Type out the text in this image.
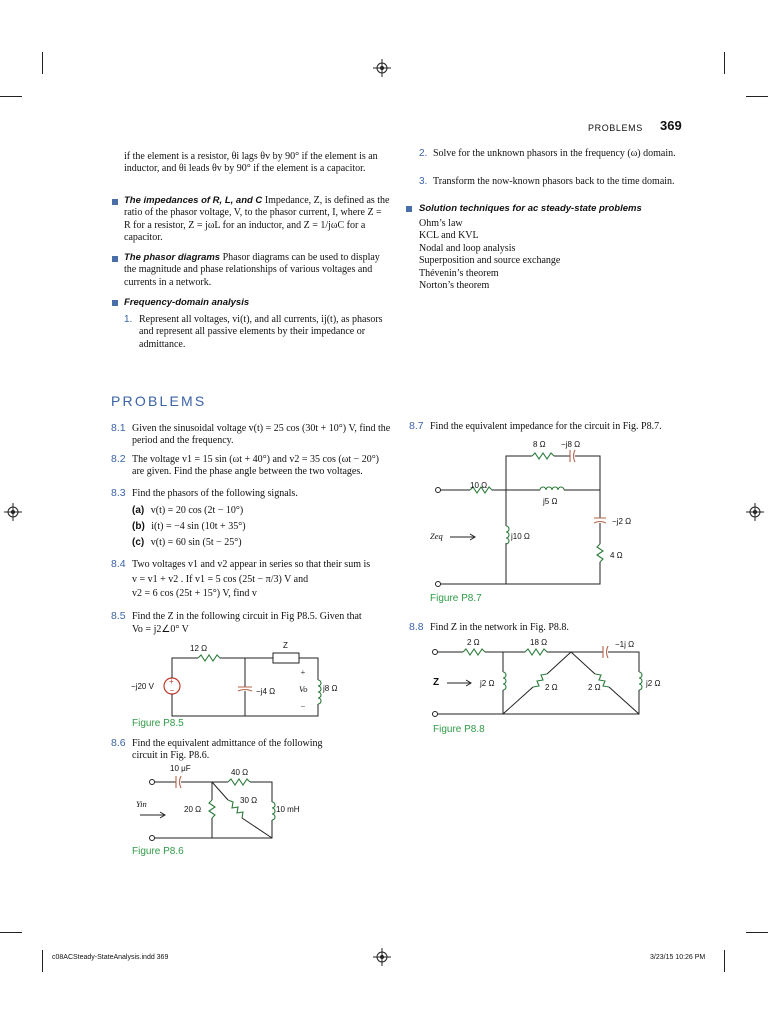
PROBLEMS 369
if the element is a resistor, θi lags θv by 90° if the element is an inductor, and θi leads θv by 90° if the element is a capacitor.
The impedances of R, L, and C Impedance, Z, is defined as the ratio of the phasor voltage, V, to the phasor current, I, where Z = R for a resistor, Z = jωL for an inductor, and Z = 1/jωC for a capacitor.
The phasor diagrams Phasor diagrams can be used to display the magnitude and phase relationships of various voltages and currents in a network.
Frequency-domain analysis
1. Represent all voltages, vi(t), and all currents, ij(t), as phasors and represent all passive elements by their impedance or admittance.
2. Solve for the unknown phasors in the frequency (ω) domain.
3. Transform the now-known phasors back to the time domain.
Solution techniques for ac steady-state problems
Ohm’s law
KCL and KVL
Nodal and loop analysis
Superposition and source exchange
Thévenin’s theorem
Norton’s theorem
PROBLEMS
8.1 Given the sinusoidal voltage v(t) = 25 cos (30t + 10°) V, find the period and the frequency.
8.2 The voltage v1 = 15 sin (ωt + 40°) and v2 = 35 cos (ωt − 20°) are given. Find the phase angle between the two voltages.
8.3 Find the phasors of the following signals.
(a) v(t) = 20 cos (2t − 10°)
(b) i(t) = −4 sin (10t + 35°)
(c) v(t) = 60 sin (5t − 25°)
8.4 Two voltages v1 and v2 appear in series so that their sum is
v = v1 + v2 . If v1 = 5 cos (25t − π/3) V and
v2 = 6 cos (25t + 15°) V, find v
8.5 Find the Z in the following circuit in Fig P8.5. Given that
Vo = j2∠0° V
+
−
−j20 V
12 Ω	Z
−j4 Ω
+
Vo
−
j8 Ω
Figure P8.5
8.6 Find the equivalent admittance of the following circuit in Fig. P8.6.
10 μF	40 Ω
30 Ω
20 Ω	10 mH
Yin
Figure P8.6
8.7 Find the equivalent impedance for the circuit in Fig. P8.7.
8 Ω −j8 Ω
10 Ω
j5 Ω
−j2 Ω
j10 Ω
4 Ω
Zeq
Figure P8.7
8.8 Find Z in the network in Fig. P8.8.
2 Ω	18 Ω	−1j Ω
Z	j2 Ω	2 Ω	2 Ω	j2 Ω
Figure P8.8
c08ACSteady-StateAnalysis.indd 369	3/23/15 10:26 PM
